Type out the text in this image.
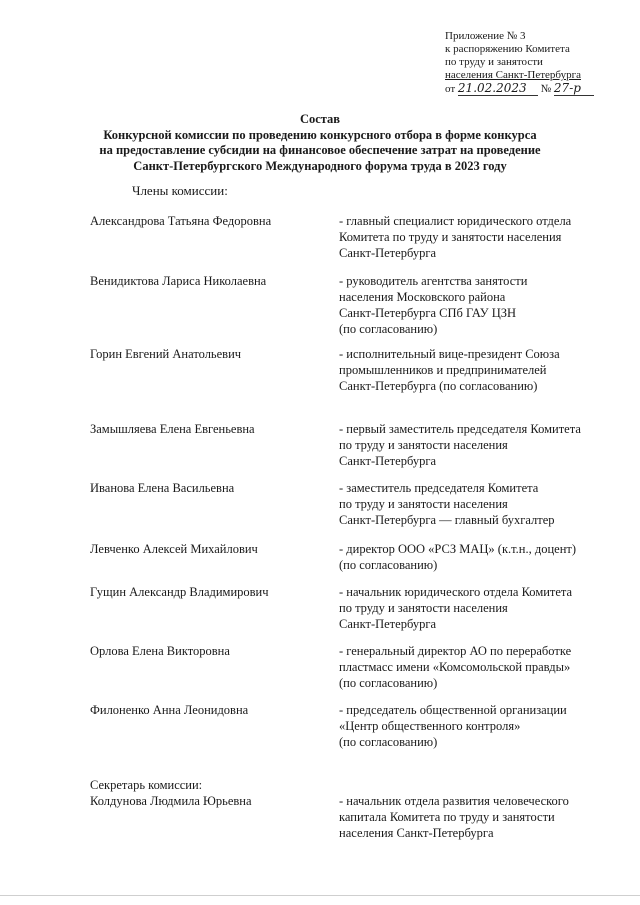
Приложение № 3
к распоряжению Комитета
по труду и занятости
населения Санкт-Петербурга
от 21.02.2023 № 27-р
Состав
Конкурсной комиссии по проведению конкурсного отбора в форме конкурса
на предоставление субсидии на финансовое обеспечение затрат на проведение
Санкт-Петербургского Международного форума труда в 2023 году
Члены комиссии:
Александрова Татьяна Федоровна	- главный специалист юридического отдела
Комитета по труду и занятости населения
Санкт-Петербурга
Венидиктова Лариса Николаевна	- руководитель агентства занятости
населения Московского района
Санкт-Петербурга СПб ГАУ ЦЗН
(по согласованию)
Горин Евгений Анатольевич	- исполнительный вице-президент Союза
промышленников и предпринимателей
Санкт-Петербурга (по согласованию)
Замышляева Елена Евгеньевна	- первый заместитель председателя Комитета
по труду и занятости населения
Санкт-Петербурга
Иванова Елена Васильевна	- заместитель председателя Комитета
по труду и занятости населения
Санкт-Петербурга — главный бухгалтер
Левченко Алексей Михайлович	- директор ООО «РСЗ МАЦ» (к.т.н., доцент)
(по согласованию)
Гущин Александр Владимирович	- начальник юридического отдела Комитета
по труду и занятости населения
Санкт-Петербурга
Орлова Елена Викторовна	- генеральный директор АО по переработке
пластмасс имени «Комсомольской правды»
(по согласованию)
Филоненко Анна Леонидовна	- председатель общественной организации
«Центр общественного контроля»
(по согласованию)
Секретарь комиссии:
Колдунова Людмила Юрьевна	- начальник отдела развития человеческого
капитала Комитета по труду и занятости
населения Санкт-Петербурга
